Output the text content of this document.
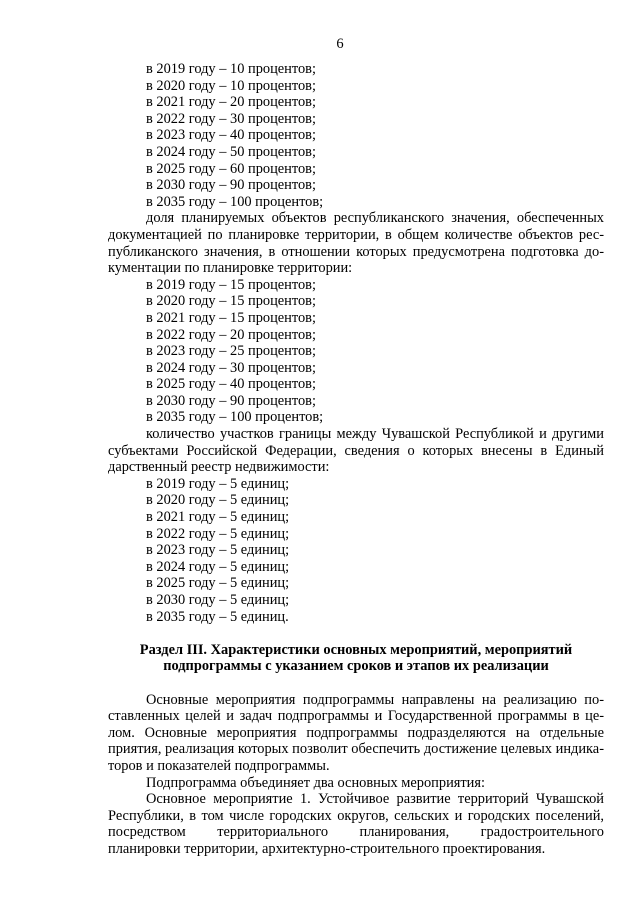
6
в 2019 году – 10 процентов;
в 2020 году – 10 процентов;
в 2021 году – 20 процентов;
в 2022 году – 30 процентов;
в 2023 году – 40 процентов;
в 2024 году – 50 процентов;
в 2025 году – 60 процентов;
в 2030 году – 90 процентов;
в 2035 году – 100 процентов;
доля планируемых объектов республиканского значения, обеспеченных
документацией по планировке территории, в общем количестве объектов рес-
публиканского значения, в отношении которых предусмотрена подготовка до-
кументации по планировке территории:
в 2019 году – 15 процентов;
в 2020 году – 15 процентов;
в 2021 году – 15 процентов;
в 2022 году – 20 процентов;
в 2023 году – 25 процентов;
в 2024 году – 30 процентов;
в 2025 году – 40 процентов;
в 2030 году – 90 процентов;
в 2035 году – 100 процентов;
количество участков границы между Чувашской Республикой и другими
субъектами Российской Федерации, сведения о которых внесены в Единый
дарственный реестр недвижимости:
в 2019 году – 5 единиц;
в 2020 году – 5 единиц;
в 2021 году – 5 единиц;
в 2022 году – 5 единиц;
в 2023 году – 5 единиц;
в 2024 году – 5 единиц;
в 2025 году – 5 единиц;
в 2030 году – 5 единиц;
в 2035 году – 5 единиц.
Раздел III. Характеристики основных мероприятий, мероприятий
подпрограммы с указанием сроков и этапов их реализации
Основные мероприятия подпрограммы направлены на реализацию по-
ставленных целей и задач подпрограммы и Государственной программы в це-
лом. Основные мероприятия подпрограммы подразделяются на отдельные
приятия, реализация которых позволит обеспечить достижение целевых индика-
торов и показателей подпрограммы.
Подпрограмма объединяет два основных мероприятия:
Основное мероприятие 1. Устойчивое развитие территорий Чувашской
Республики, в том числе городских округов, сельских и городских поселений,
посредством территориального планирования, градостроительного
планировки территории, архитектурно-строительного проектирования.
